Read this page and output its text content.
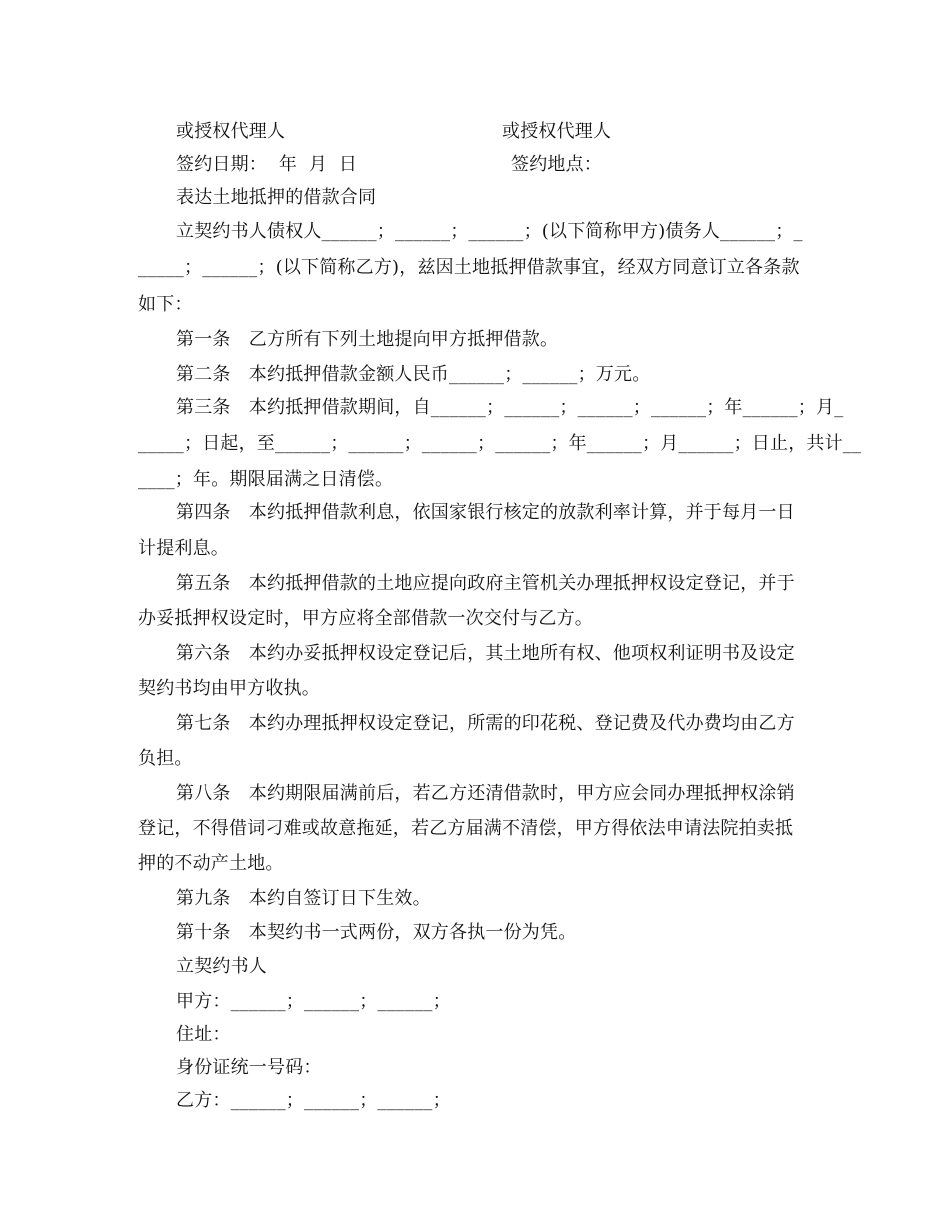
或授权代理人	或授权代理人
签约日期：  年  月  日	签约地点：
表达土地抵押的借款合同
立契约书人债权人______；______；______；(以下简称甲方)债务人______；_
_____；______；(以下简称乙方)，兹因土地抵押借款事宜，经双方同意订立各条款
如下：
第一条　乙方所有下列土地提向甲方抵押借款。
第二条　本约抵押借款金额人民币______；______；万元。
第三条　本约抵押借款期间，自______；______；______；______；年______；月_
_____；日起，至______；______；______；______；年______；月______；日止，共计__
____；年。期限届满之日清偿。
第四条　本约抵押借款利息，依国家银行核定的放款利率计算，并于每月一日
计提利息。
第五条　本约抵押借款的土地应提向政府主管机关办理抵押权设定登记，并于
办妥抵押权设定时，甲方应将全部借款一次交付与乙方。
第六条　本约办妥抵押权设定登记后，其土地所有权、他项权利证明书及设定
契约书均由甲方收执。
第七条　本约办理抵押权设定登记，所需的印花税、登记费及代办费均由乙方
负担。
第八条　本约期限届满前后，若乙方还清借款时，甲方应会同办理抵押权涂销
登记，不得借词刁难或故意拖延，若乙方届满不清偿，甲方得依法申请法院拍卖抵
押的不动产土地。
第九条　本约自签订日下生效。
第十条　本契约书一式两份，双方各执一份为凭。
立契约书人
甲方：______；______；______；
住址：
身份证统一号码：
乙方：______；______；______；
